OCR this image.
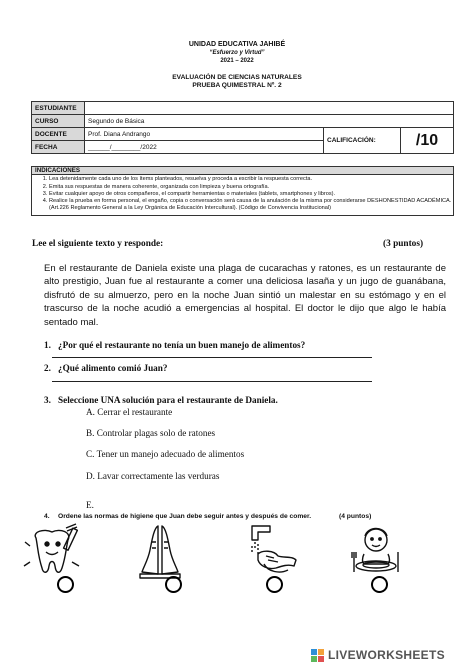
UNIDAD EDUCATIVA JAHIBÉ
“Esfuerzo y Virtud”
2021 – 2022
EVALUACIÓN DE CIENCIAS NATURALES
PRUEBA QUIMESTRAL Nº. 2
ESTUDIANTE			
CURSO	Segundo de Básica		
DOCENTE	Prof. Diana Andrango	CALIFICACIÓN:	/10
FECHA	______/________/2022		
INDICACIONES
1. Lea detenidamente cada uno de los ítems planteados, resuelva y proceda a escribir la respuesta correcta.
2. Emita sus respuestas de manera coherente, organizada con limpieza y buena ortografía.
3. Evitar cualquier apoyo de otros compañeros, el compartir herramientas o materiales (tablets, smartphones y libros).
4. Realice la prueba en forma personal, el engaño, copia o conversación será causa de la anulación de la misma por considerarse DESHONESTIDAD ACADÉMICA. (Art.226 Reglamento General a la Ley Orgánica de Educación Intercultural). (Código de Convivencia Institucional)
Lee el siguiente texto y responde:	(3 puntos)
En el restaurante de Daniela existe una plaga de cucarachas y ratones, es un restaurante de alto prestigio, Juan fue al restaurante a comer una deliciosa lasaña y un jugo de guanábana, disfrutó de su almuerzo, pero en la noche Juan sintió un malestar en su estómago y en el trascurso de la noche acudió a emergencias al hospital. El doctor le dijo que algo le había sentado mal.
1. ¿Por qué el restaurante no tenía un buen manejo de alimentos?
2. ¿Qué alimento comió Juan?
3. Seleccione UNA solución para el restaurante de Daniela.
A. Cerrar el restaurante
B. Controlar plagas solo de ratones
C. Tener un manejo adecuado de alimentos
D. Lavar correctamente las verduras
E.
4. Ordene las normas de higiene que Juan debe seguir antes y después de comer.	(4 puntos)
LIVEWORKSHEETS
